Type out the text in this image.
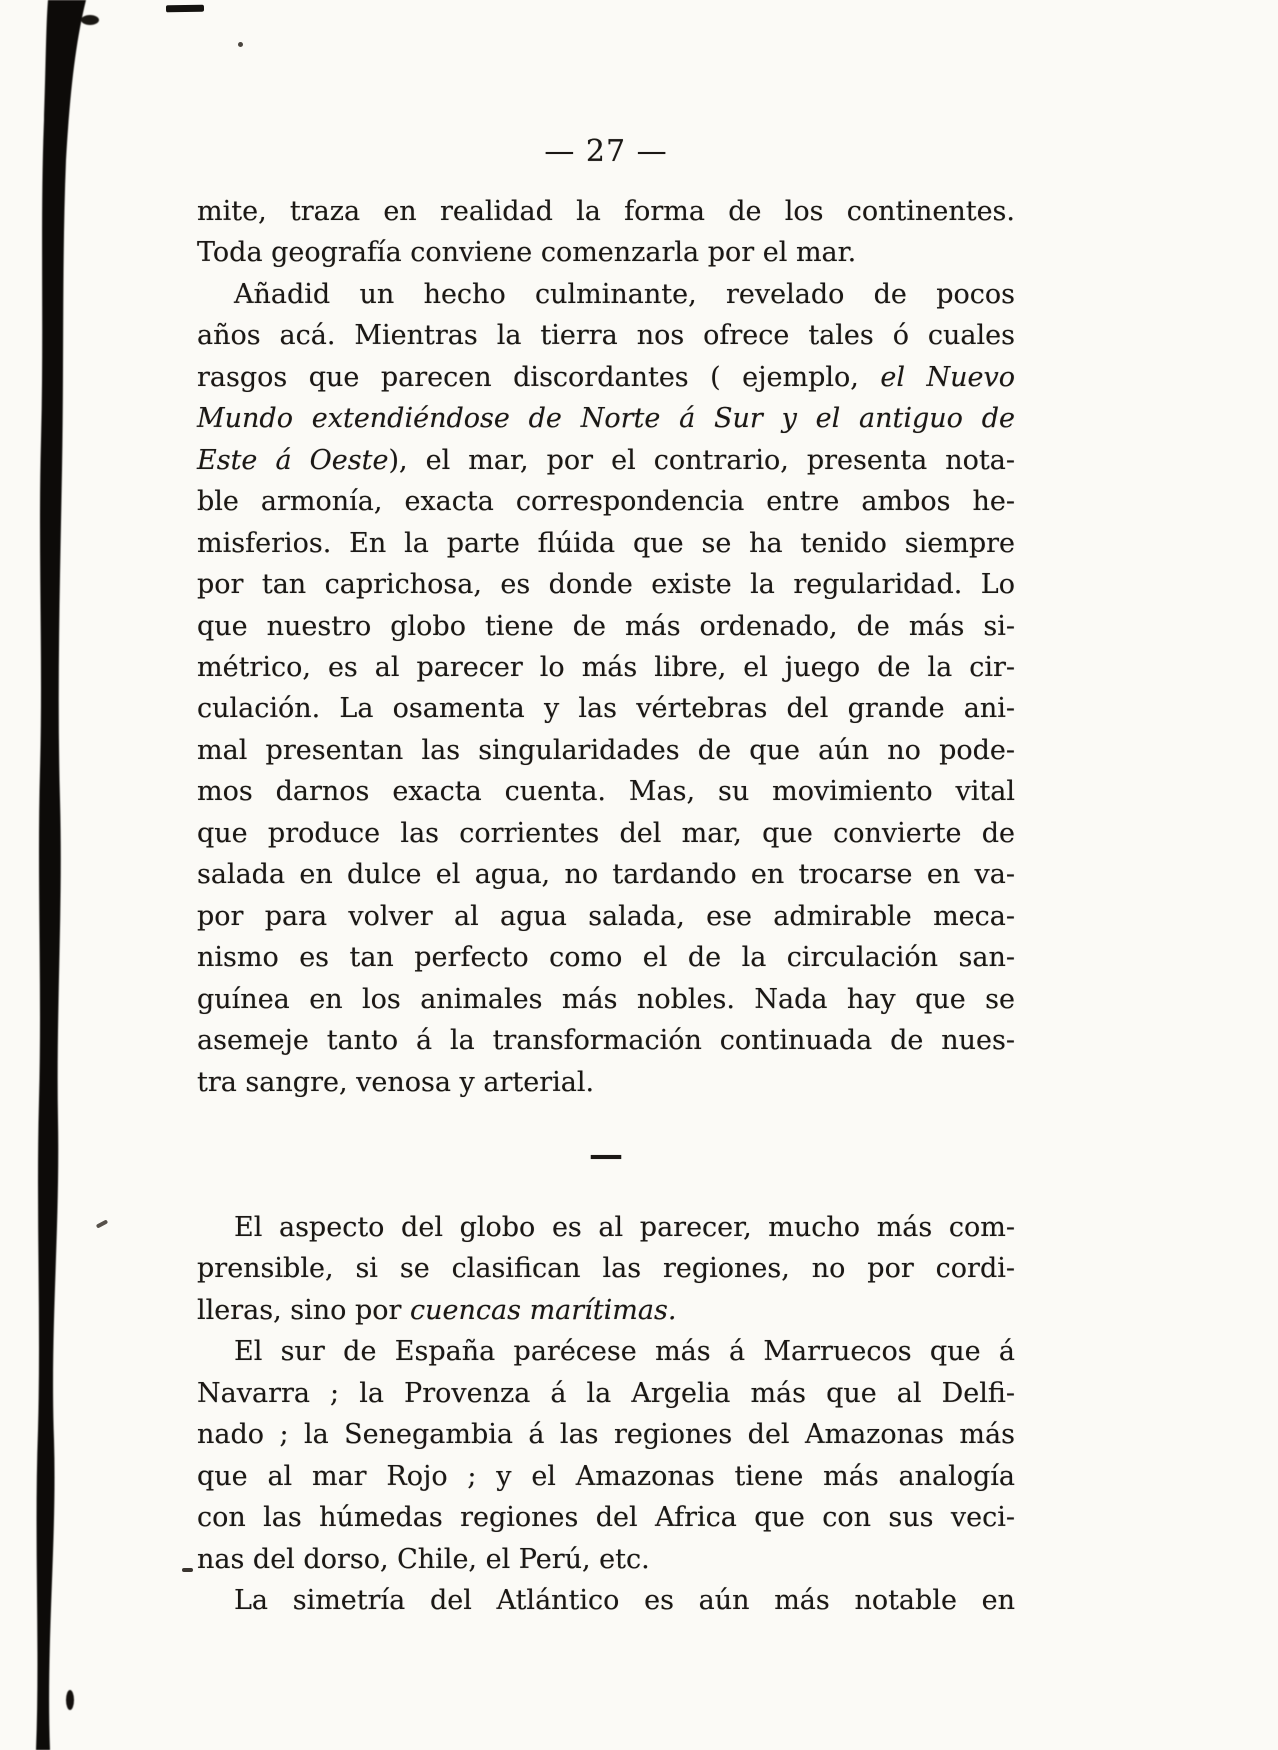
— 27 —
mite, traza en realidad la forma de los continentes.
Toda geografía conviene comenzarla por el mar.
Añadid un hecho culminante, revelado de pocos
años acá. Mientras la tierra nos ofrece tales ó cuales
rasgos que parecen discordantes ( ejemplo, el Nuevo
Mundo extendiéndose de Norte á Sur y el antiguo de
Este á Oeste), el mar, por el contrario, presenta nota-
ble armonía, exacta correspondencia entre ambos he-
misferios. En la parte flúida que se ha tenido siempre
por tan caprichosa, es donde existe la regularidad. Lo
que nuestro globo tiene de más ordenado, de más si-
métrico, es al parecer lo más libre, el juego de la cir-
culación. La osamenta y las vértebras del grande ani-
mal presentan las singularidades de que aún no pode-
mos darnos exacta cuenta. Mas, su movimiento vital
que produce las corrientes del mar, que convierte de
salada en dulce el agua, no tardando en trocarse en va-
por para volver al agua salada, ese admirable meca-
nismo es tan perfecto como el de la circulación san-
guínea en los animales más nobles. Nada hay que se
asemeje tanto á la transformación continuada de nues-
tra sangre, venosa y arterial.
—
El aspecto del globo es al parecer, mucho más com-
prensible, si se clasifican las regiones, no por cordi-
lleras, sino por cuencas marítimas.
El sur de España parécese más á Marruecos que á
Navarra ; la Provenza á la Argelia más que al Delfi-
nado ; la Senegambia á las regiones del Amazonas más
que al mar Rojo ; y el Amazonas tiene más analogía
con las húmedas regiones del Africa que con sus veci-
nas del dorso, Chile, el Perú, etc.
La simetría del Atlántico es aún más notable en
